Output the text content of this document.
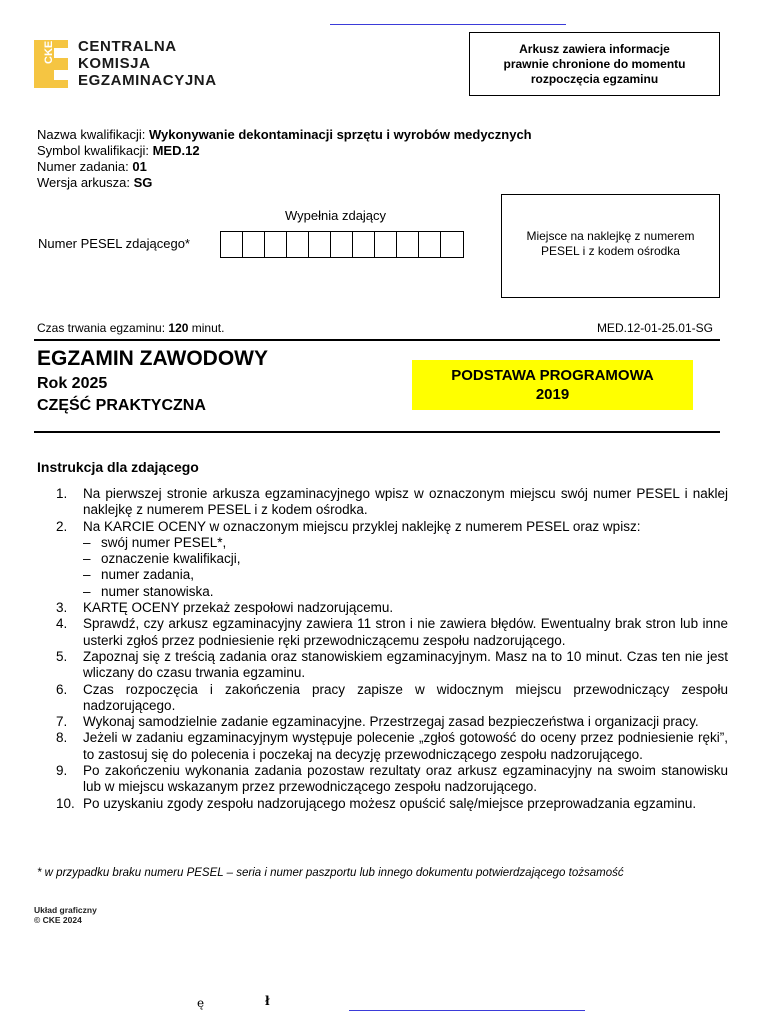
CKE CENTRALNA
KOMISJA
EGZAMINACYJNA
Arkusz zawiera informacje
prawnie chronione do momentu
rozpoczęcia egzaminu
Nazwa kwalifikacji: Wykonywanie dekontaminacji sprzętu i wyrobów medycznych
Symbol kwalifikacji: MED.12
Numer zadania: 01
Wersja arkusza: SG
Wypełnia zdający
Numer PESEL zdającego*	Miejsce na naklejkę z numerem
PESEL i z kodem ośrodka
Czas trwania egzaminu: 120 minut.	MED.12-01-25.01-SG
EGZAMIN ZAWODOWY
Rok 2025
CZĘŚĆ PRAKTYCZNA
PODSTAWA PROGRAMOWA
2019
Instrukcja dla zdającego
1.	Na pierwszej stronie arkusza egzaminacyjnego wpisz w oznaczonym miejscu swój numer PESEL i naklej naklejkę z numerem PESEL i z kodem ośrodka.
2.	Na KARCIE OCENY w oznaczonym miejscu przyklej naklejkę z numerem PESEL oraz wpisz:
– swój numer PESEL*,
– oznaczenie kwalifikacji,
– numer zadania,
– numer stanowiska.
3.	KARTĘ OCENY przekaż zespołowi nadzorującemu.
4.	Sprawdź, czy arkusz egzaminacyjny zawiera 11 stron i nie zawiera błędów. Ewentualny brak stron lub inne usterki zgłoś przez podniesienie ręki przewodniczącemu zespołu nadzorującego.
5.	Zapoznaj się z treścią zadania oraz stanowiskiem egzaminacyjnym. Masz na to 10 minut. Czas ten nie jest wliczany do czasu trwania egzaminu.
6.	Czas rozpoczęcia i zakończenia pracy zapisze w widocznym miejscu przewodniczący zespołu nadzorującego.
7.	Wykonaj samodzielnie zadanie egzaminacyjne. Przestrzegaj zasad bezpieczeństwa i organizacji pracy.
8.	Jeżeli w zadaniu egzaminacyjnym występuje polecenie „zgłoś gotowość do oceny przez podniesienie ręki”, to zastosuj się do polecenia i poczekaj na decyzję przewodniczącego zespołu nadzorującego.
9.	Po zakończeniu wykonania zadania pozostaw rezultaty oraz arkusz egzaminacyjny na swoim stanowisku lub w miejscu wskazanym przez przewodniczącego zespołu nadzorującego.
10. Po uzyskaniu zgody zespołu nadzorującego możesz opuścić salę/miejsce przeprowadzania egzaminu.
* w przypadku braku numeru PESEL – seria i numer paszportu lub innego dokumentu potwierdzającego tożsamość
Układ graficzny
© CKE 2024
ę	ł
